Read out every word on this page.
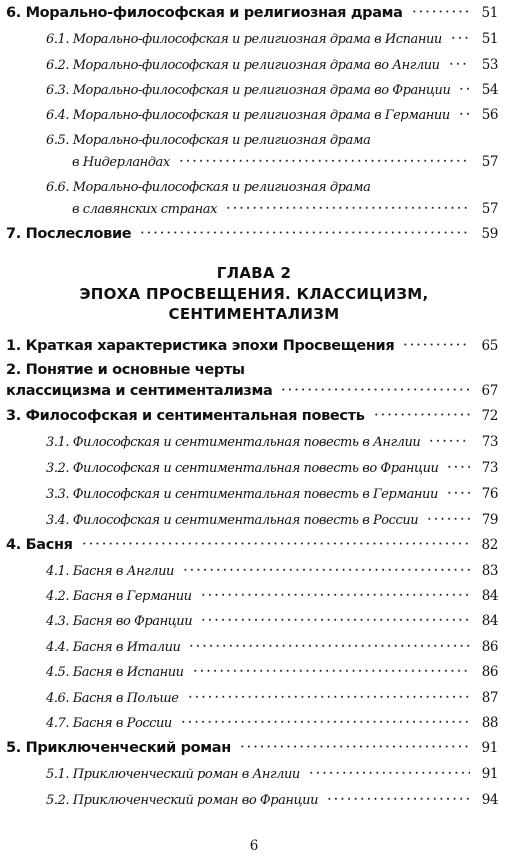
6. Морально-философская и религиозная драма	51
6.1. Морально-философская и религиозная драма в Испании	51
6.2. Морально-философская и религиозная драма во Англии	53
6.3. Морально-философская и религиозная драма во Франции	54
6.4. Морально-философская и религиозная драма в Германии	56
6.5. Морально-философская и религиозная драма
в Нидерландах	57
6.6. Морально-философская и религиозная драма
в славянских странах	57
7. Послесловие	59
ГЛАВА 2
ЭПОХА ПРОСВЕЩЕНИЯ. КЛАССИЦИЗМ,
СЕНТИМЕНТАЛИЗМ
1. Краткая характеристика эпохи Просвещения	65
2. Понятие и основные черты
классицизма и сентиментализма	67
3. Философская и сентиментальная повесть	72
3.1. Философская и сентиментальная повесть в Англии	73
3.2. Философская и сентиментальная повесть во Франции	73
3.3. Философская и сентиментальная повесть в Германии	76
3.4. Философская и сентиментальная повесть в России	79
4. Басня	82
4.1. Басня в Англии	83
4.2. Басня в Германии	84
4.3. Басня во Франции	84
4.4. Басня в Италии	86
4.5. Басня в Испании	86
4.6. Басня в Польше	87
4.7. Басня в России	88
5. Приключенческий роман	91
5.1. Приключенческий роман в Англии	91
5.2. Приключенческий роман во Франции	94
6
